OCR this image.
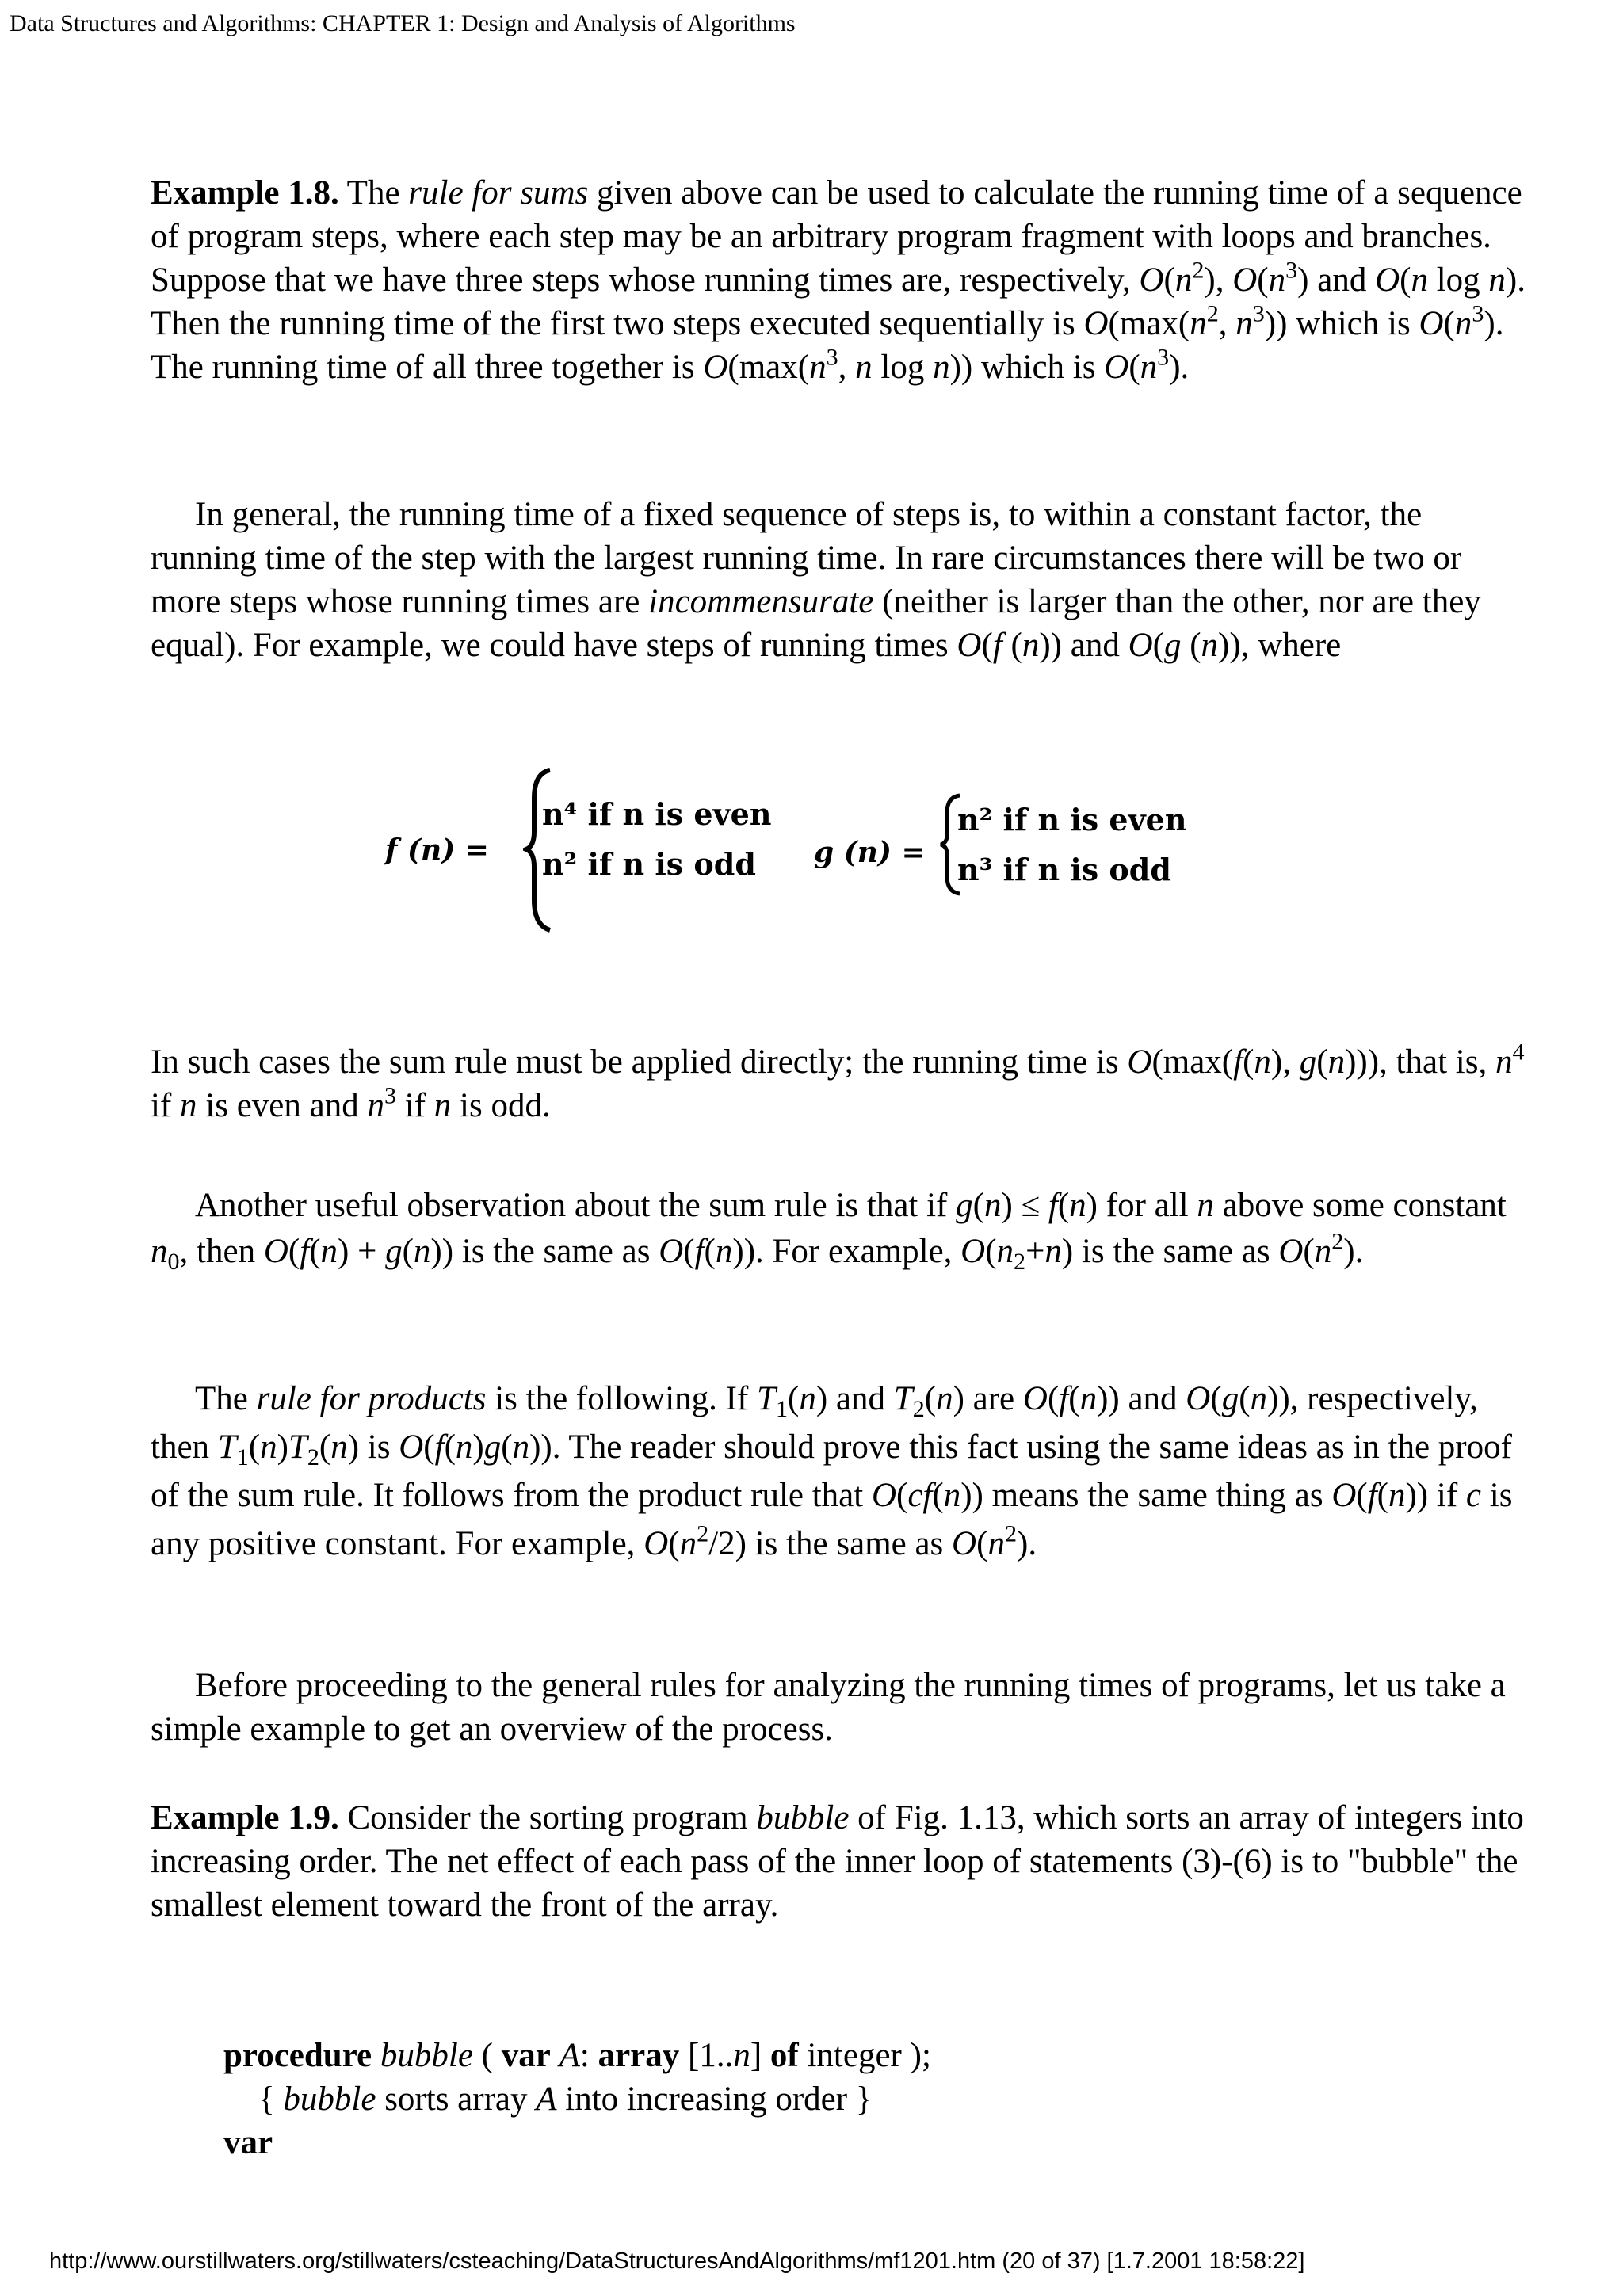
Data Structures and Algorithms: CHAPTER 1: Design and Analysis of Algorithms

Example 1.8. The rule for sums given above can be used to calculate the running time of a sequence of program steps, where each step may be an arbitrary program fragment with loops and branches. Suppose that we have three steps whose running times are, respectively, $O(n^2)$, $O(n^3)$ and O(n log n). Then the running time of the first two steps executed sequentially is $O(\max(n^2$, $n^3$)) which is $O(n^3)$. The running time of all three together is $O(\max(n^3$, n log n)) which is $O(n^3)$.

In general, the running time of a fixed sequence of steps is, to within a constant factor, the running time of the step with the largest running time. In rare circumstances there will be two or more steps whose running times are incommensurate (neither is larger than the other, nor are they equal). For example, we could have steps of running times O(f (n)) and O(g (n)), where

In such cases the sum rule must be applied directly; the running time is O(max(f(n), g(n))), that is, $n^4$ if n is even and $n^3$ if n is odd.

Another useful observation about the sum rule is that if g(n) ≤ f(n) for all n above some constant $n_0$, then O(f(n) + g(n)) is the same as O(f(n)). For example, $O(n_2+n)$ is the same as $O(n^2)$.

The rule for products is the following. If $T_1(n)$ and $T_2(n)$ are O(f(n)) and O(g(n)), respectively, then $T_1(n)T_2(n)$ is O(f(n)g(n)). The reader should prove this fact using the same ideas as in the proof of the sum rule. It follows from the product rule that O(cf(n)) means the same thing as O(f(n)) if c is any positive constant. For example, $O(n^2/2)$ is the same as $O(n^2)$.

Before proceeding to the general rules for analyzing the running times of programs, let us take a simple example to get an overview of the process.

Example 1.9. Consider the sorting program bubble of Fig. 1.13, which sorts an array of integers into increasing order. The net effect of each pass of the inner loop of statements (3)-(6) is to "bubble" the smallest element toward the front of the array.

f (n) =
n⁴ if n is even
n² if n is odd g (n) =
n² if n is even
n³ if n is odd
procedure bubble ( var A: array [1..n] of integer );
{ bubble sorts array A into increasing order }
var
http://www.ourstillwaters.org/stillwaters/csteaching/DataStructuresAndAlgorithms/mf1201.htm (20 of 37) [1.7.2001 18:58:22]
